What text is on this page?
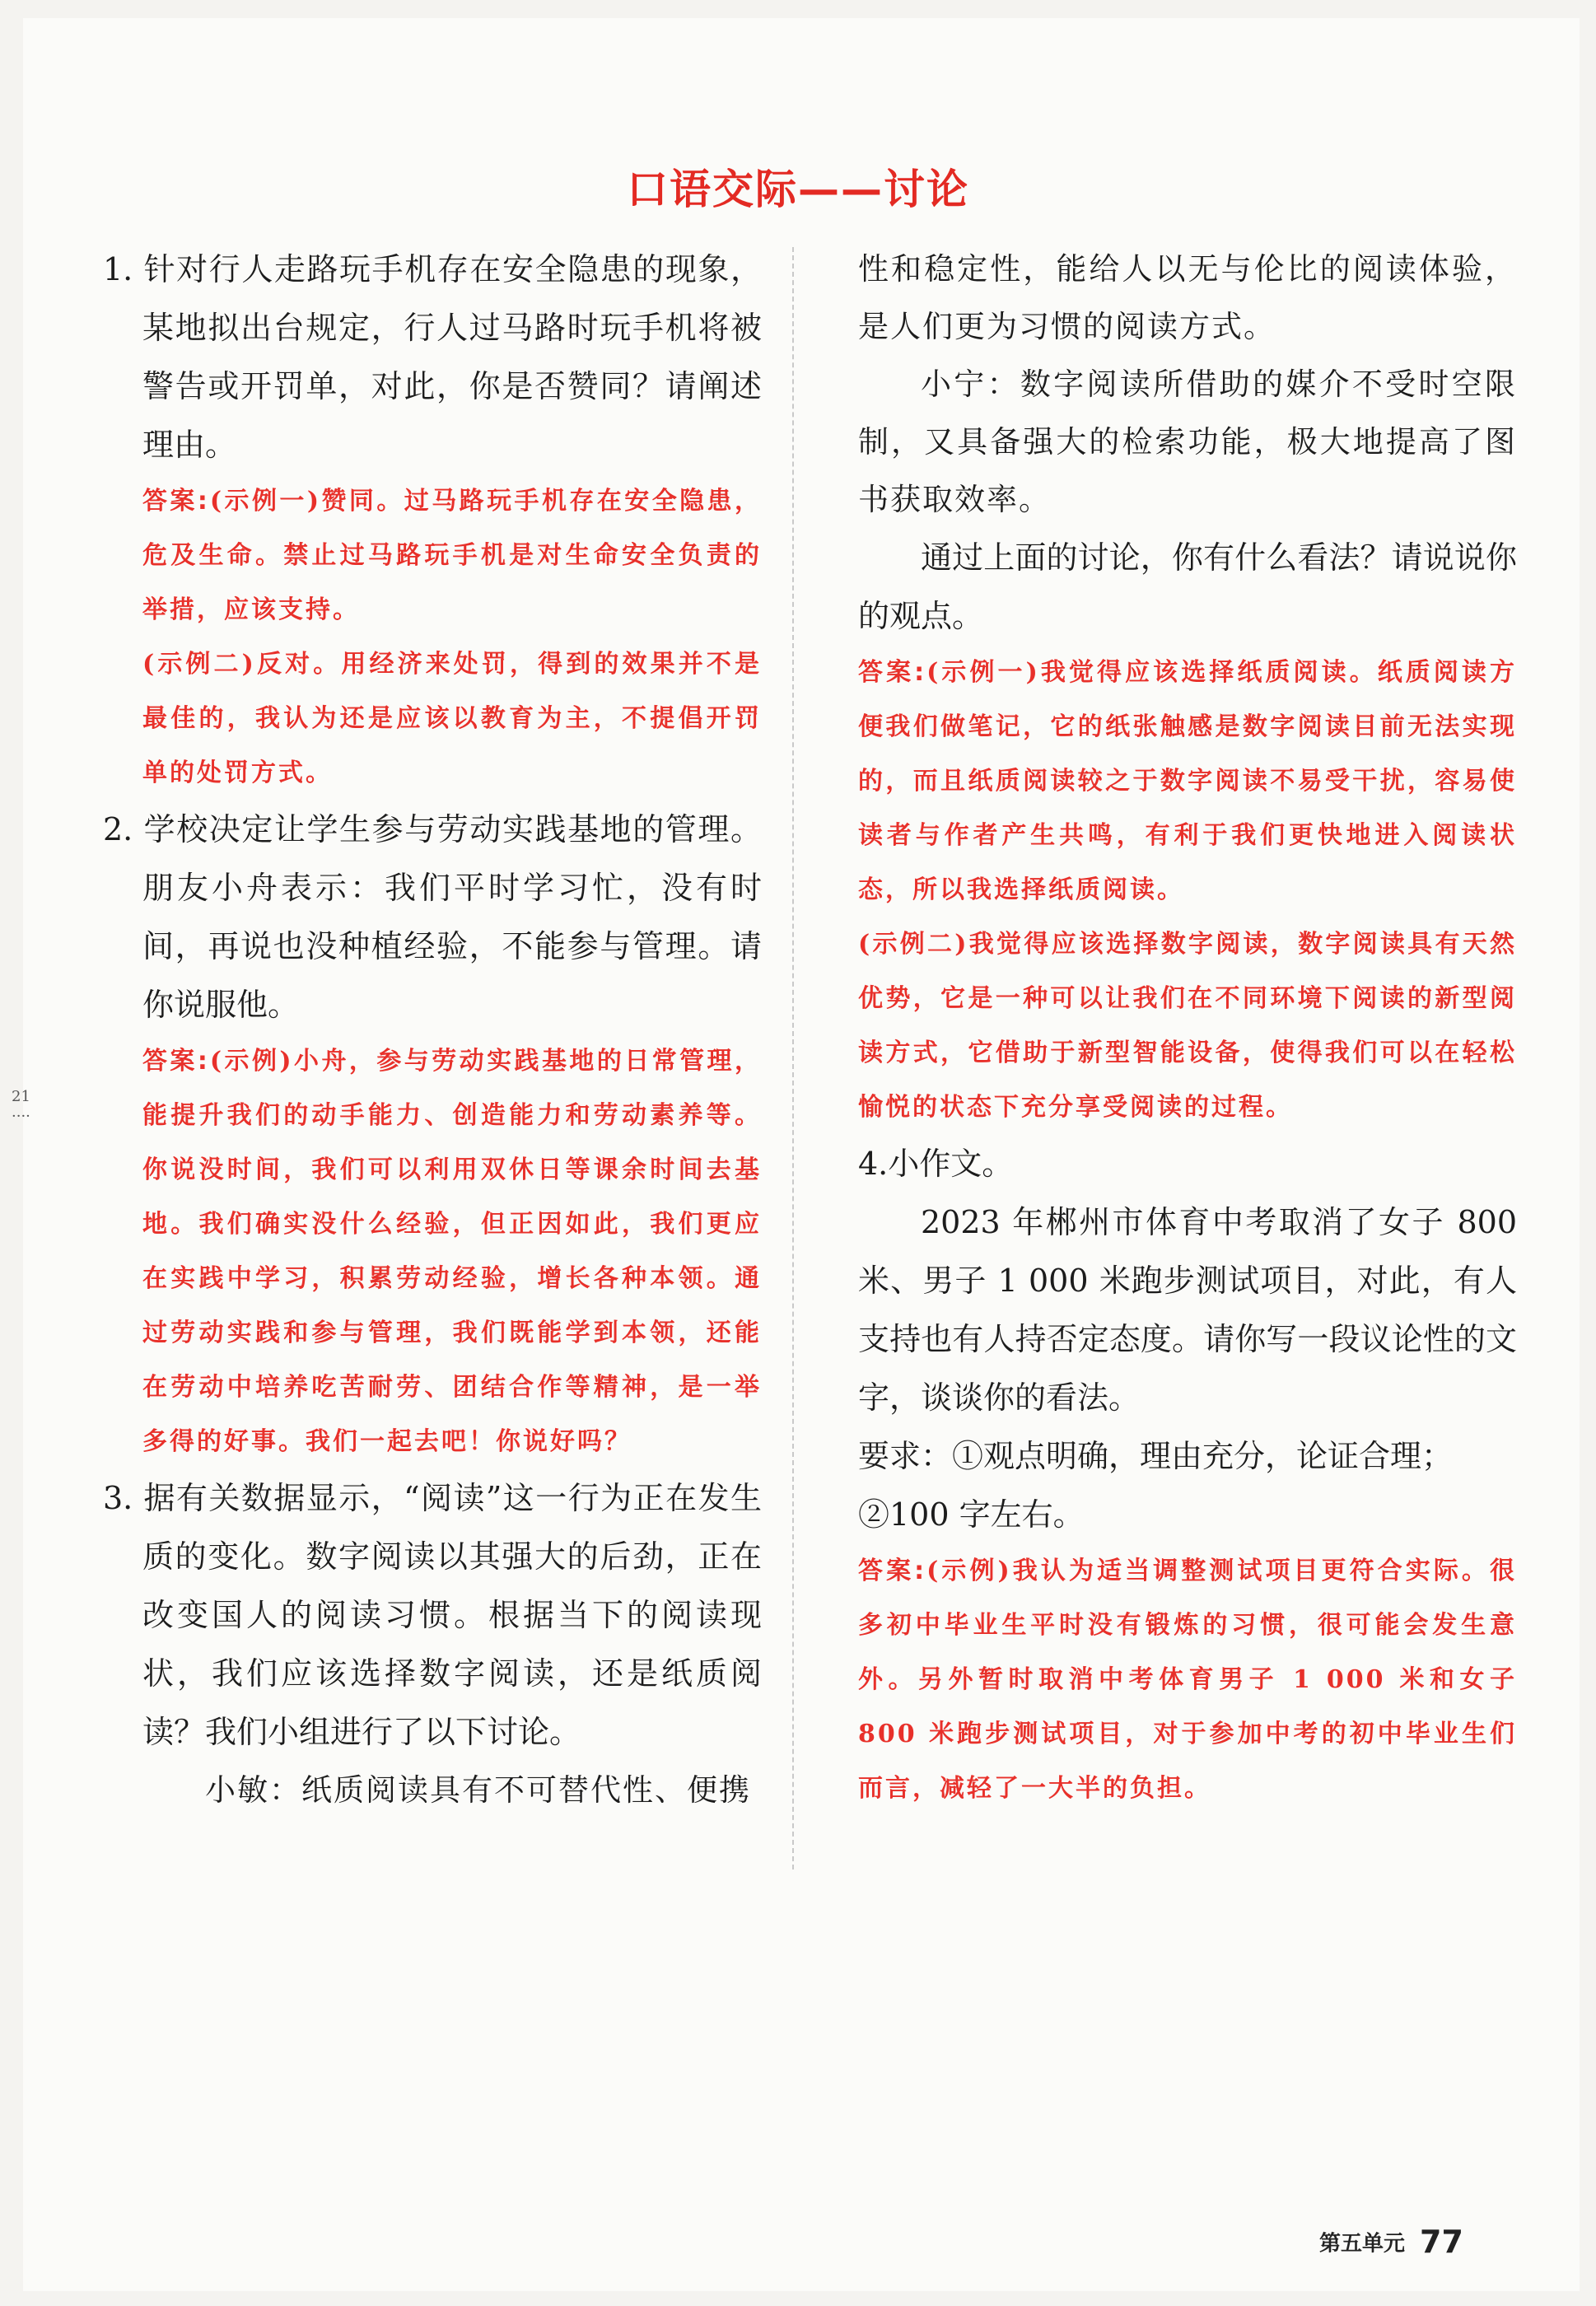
口语交际——讨论

1. 针对行人走路玩手机存在安全隐患的现象，某地拟出台规定，行人过马路时玩手机将被警告或开罚单，对此，你是否赞同？请阐述理由。

答案:(示例一)赞同。过马路玩手机存在安全隐患，危及生命。禁止过马路玩手机是对生命安全负责的举措，应该支持。

(示例二)反对。用经济来处罚，得到的效果并不是最佳的，我认为还是应该以教育为主，不提倡开罚单的处罚方式。

2. 学校决定让学生参与劳动实践基地的管理。朋友小舟表示：我们平时学习忙，没有时间，再说也没种植经验，不能参与管理。请你说服他。

答案:(示例)小舟，参与劳动实践基地的日常管理，能提升我们的动手能力、创造能力和劳动素养等。你说没时间，我们可以利用双休日等课余时间去基地。我们确实没什么经验，但正因如此，我们更应在实践中学习，积累劳动经验，增长各种本领。通过劳动实践和参与管理，我们既能学到本领，还能在劳动中培养吃苦耐劳、团结合作等精神，是一举多得的好事。我们一起去吧！你说好吗？

3. 据有关数据显示，“阅读”这一行为正在发生质的变化。数字阅读以其强大的后劲，正在改变国人的阅读习惯。根据当下的阅读现状，我们应该选择数字阅读，还是纸质阅读？我们小组进行了以下讨论。

小敏：纸质阅读具有不可替代性、便携

性和稳定性，能给人以无与伦比的阅读体验，是人们更为习惯的阅读方式。

小宁：数字阅读所借助的媒介不受时空限制，又具备强大的检索功能，极大地提高了图书获取效率。

通过上面的讨论，你有什么看法？请说说你的观点。

答案:(示例一)我觉得应该选择纸质阅读。纸质阅读方便我们做笔记，它的纸张触感是数字阅读目前无法实现的，而且纸质阅读较之于数字阅读不易受干扰，容易使读者与作者产生共鸣，有利于我们更快地进入阅读状态，所以我选择纸质阅读。

(示例二)我觉得应该选择数字阅读，数字阅读具有天然优势，它是一种可以让我们在不同环境下阅读的新型阅读方式，它借助于新型智能设备，使得我们可以在轻松愉悦的状态下充分享受阅读的过程。

4.小作文。

2023 年郴州市体育中考取消了女子 800 米、男子 1 000 米跑步测试项目，对此，有人支持也有人持否定态度。请你写一段议论性的文字，谈谈你的看法。

要求：①观点明确，理由充分，论证合理；

②100 字左右。

答案:(示例)我认为适当调整测试项目更符合实际。很多初中毕业生平时没有锻炼的习惯，很可能会发生意外。另外暂时取消中考体育男子 1 000 米和女子 800 米跑步测试项目，对于参加中考的初中毕业生们而言，减轻了一大半的负担。

21 ····
第五单元 77
